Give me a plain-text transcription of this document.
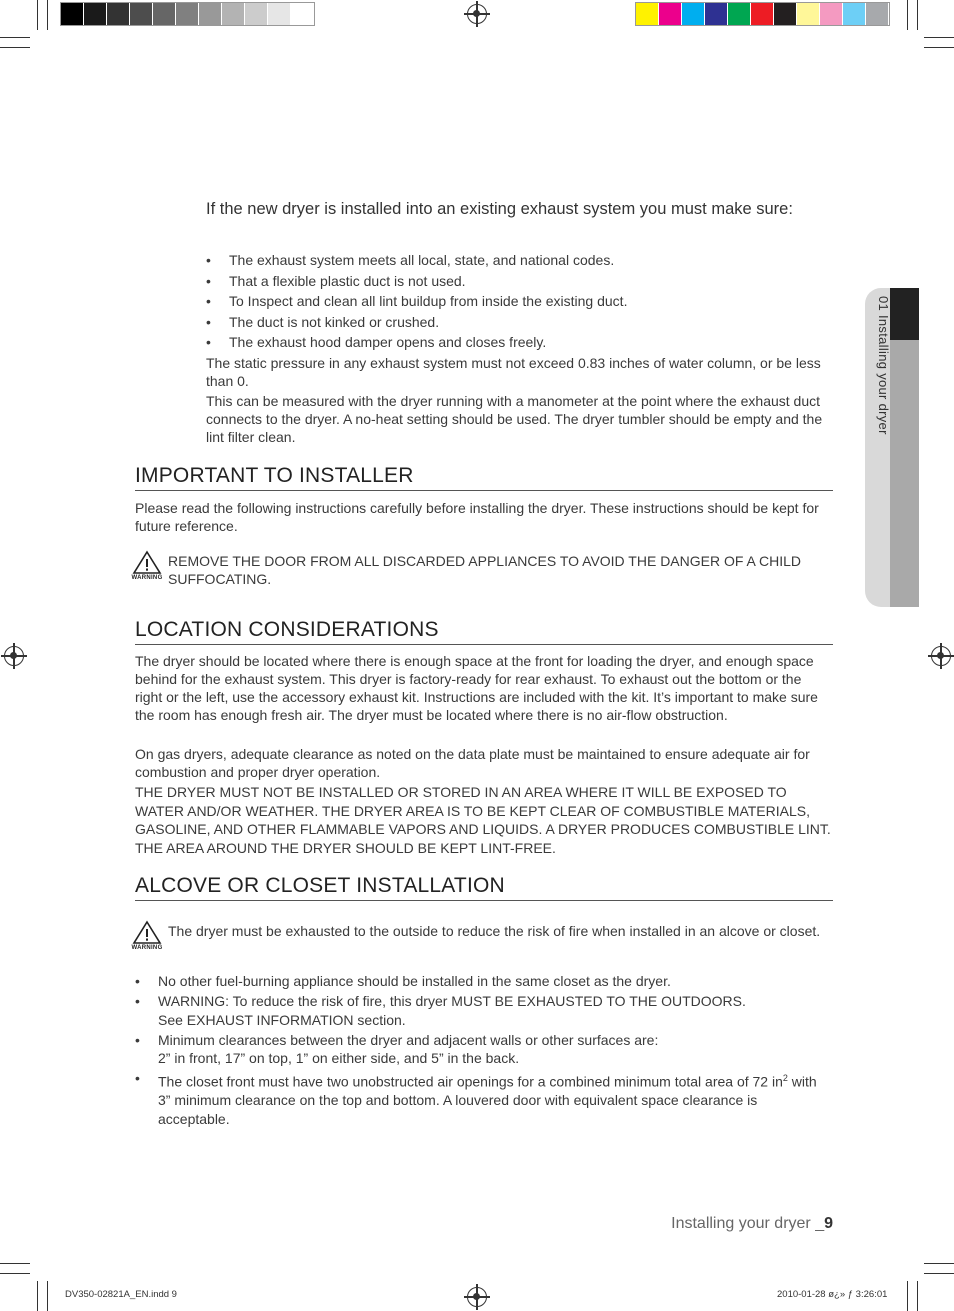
01 Installing your dryer
If the new dryer is installed into an existing exhaust system you must make sure:
• The exhaust system meets all local, state, and national codes.
• That a flexible plastic duct is not used.
• To Inspect and clean all lint buildup from inside the existing duct.
• The duct is not kinked or crushed.
• The exhaust hood damper opens and closes freely.

The static pressure in any exhaust system must not exceed 0.83 inches of water column, or be less than 0.

This can be measured with the dryer running with a manometer at the point where the exhaust duct connects to the dryer. A no-heat setting should be used. The dryer tumbler should be empty and the lint filter clean.

IMPORTANT TO INSTALLER

Please read the following instructions carefully before installing the dryer. These instructions should be kept for future reference.

WARNING

REMOVE THE DOOR FROM ALL DISCARDED APPLIANCES TO AVOID THE DANGER OF A CHILD SUFFOCATING.

LOCATION CONSIDERATIONS

The dryer should be located where there is enough space at the front for loading the dryer, and enough space behind for the exhaust system. This dryer is factory-ready for rear exhaust. To exhaust out the bottom or the right or the left, use the accessory exhaust kit. Instructions are included with the kit. It’s important to make sure the room has enough fresh air. The dryer must be located where there is no air-flow obstruction.

On gas dryers, adequate clearance as noted on the data plate must be maintained to ensure adequate air for combustion and proper dryer operation.

THE DRYER MUST NOT BE INSTALLED OR STORED IN AN AREA WHERE IT WILL BE EXPOSED TO WATER AND/OR WEATHER. THE DRYER AREA IS TO BE KEPT CLEAR OF COMBUSTIBLE MATERIALS, GASOLINE, AND OTHER FLAMMABLE VAPORS AND LIQUIDS. A DRYER PRODUCES COMBUSTIBLE LINT. THE AREA AROUND THE DRYER SHOULD BE KEPT LINT-FREE.

ALCOVE OR CLOSET INSTALLATION
WARNING

The dryer must be exhausted to the outside to reduce the risk of fire when installed in an alcove or closet.

• No other fuel-burning appliance should be installed in the same closet as the dryer.
• WARNING: To reduce the risk of fire, this dryer MUST BE EXHAUSTED TO THE OUTDOORS.
See EXHAUST INFORMATION section.
• Minimum clearances between the dryer and adjacent walls or other surfaces are:
2” in front, 17” on top, 1” on either side, and 5” in the back.
• The closet front must have two unobstructed air openings for a combined minimum total area of 72 $in^2$ with 3” minimum clearance on the top and bottom. A louvered door with equivalent space clearance is acceptable.
Installing your dryer _9
DV350-02821A_EN.indd 9	2010-01-28 ø¿» ƒ 3:26:01
